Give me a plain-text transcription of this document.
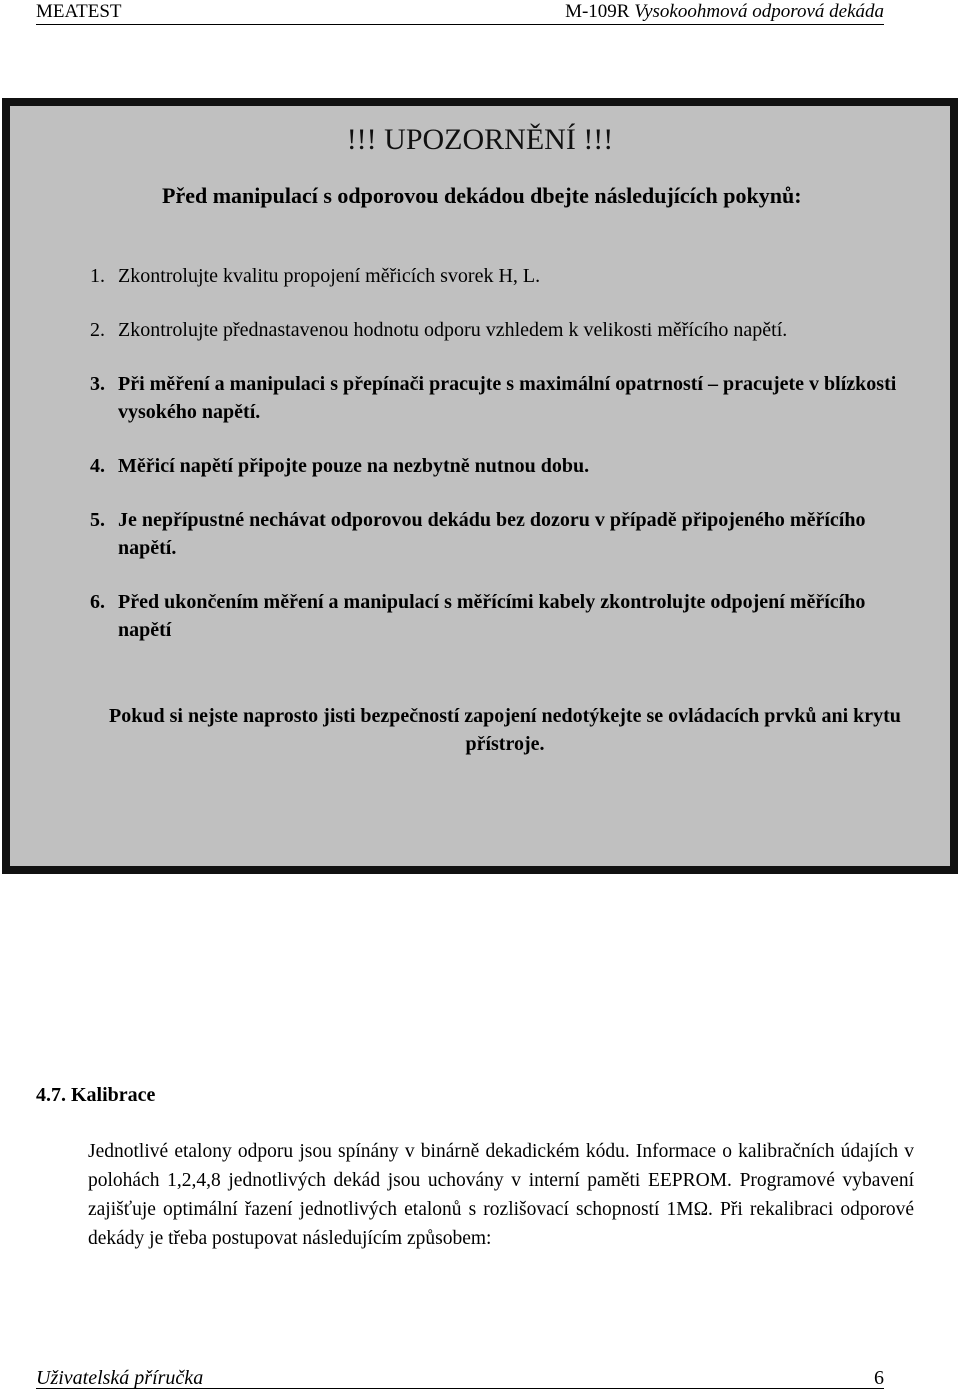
MEATEST	M-109R Vysokoohmová odporová dekáda
!!! UPOZORNĚNÍ !!!
Před manipulací s odporovou dekádou dbejte následujících pokynů:
1. Zkontrolujte kvalitu propojení měřicích svorek H, L.
2. Zkontrolujte přednastavenou hodnotu odporu vzhledem k velikosti měřícího napětí.
3. Při měření a manipulaci s přepínači pracujte s maximální opatrností – pracujete v blízkosti vysokého napětí.
4. Měřicí napětí připojte pouze na nezbytně nutnou dobu.
5. Je nepřípustné nechávat odporovou dekádu bez dozoru v případě připojeného měřícího napětí.
6. Před ukončením měření a manipulací s měřícími kabely zkontrolujte odpojení měřícího napětí
Pokud si nejste naprosto jisti bezpečností zapojení nedotýkejte se ovládacích prvků ani krytu přístroje.
4.7. Kalibrace
Jednotlivé etalony odporu jsou spínány v binárně dekadickém kódu. Informace o kalibračních údajích v polohách 1,2,4,8 jednotlivých dekád jsou uchovány v interní paměti EEPROM. Programové vybavení zajišťuje optimální řazení jednotlivých etalonů s rozlišovací schopností 1MΩ. Při rekalibraci odporové dekády je třeba postupovat následujícím způsobem:
Uživatelská příručka	6
